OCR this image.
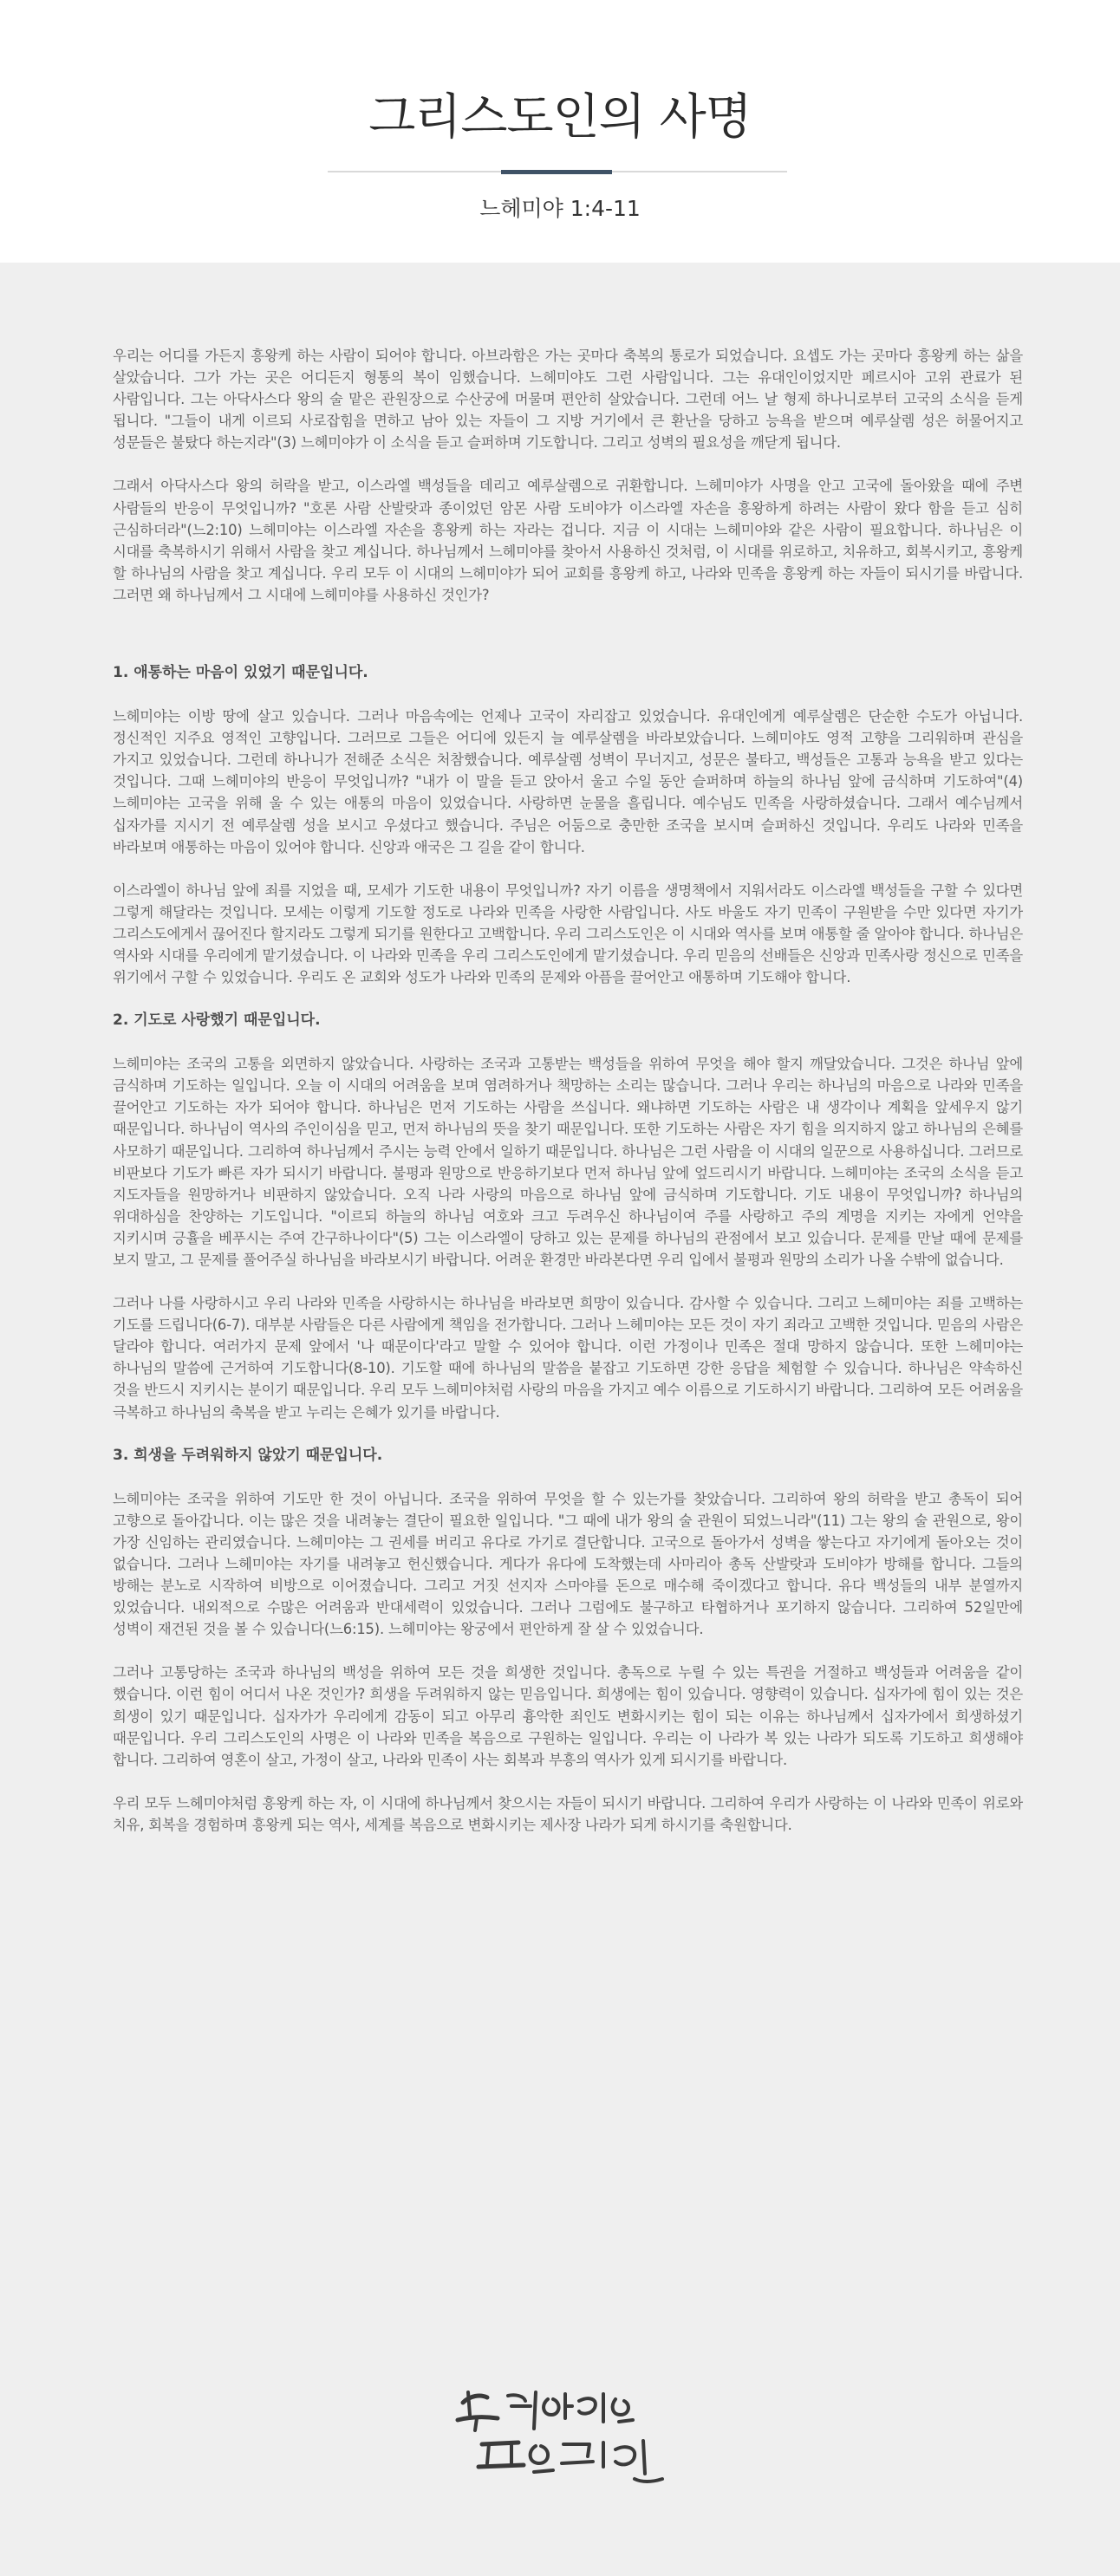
그리스도인의 사명
느헤미야 1:4-11

우리는 어디를 가든지 흥왕케 하는 사람이 되어야 합니다. 아브라함은 가는 곳마다 축복의 통로가 되었습니다. 요셉도 가는 곳마다 흥왕케 하는 삶을 살았습니다. 그가 가는 곳은 어디든지 형통의 복이 임했습니다. 느헤미야도 그런 사람입니다. 그는 유대인이었지만 페르시아 고위 관료가 된 사람입니다. 그는 아닥사스다 왕의 술 맡은 관원장으로 수산궁에 머물며 편안히 살았습니다. 그런데 어느 날 형제 하나니로부터 고국의 소식을 듣게 됩니다. "그들이 내게 이르되 사로잡힘을 면하고 남아 있는 자들이 그 지방 거기에서 큰 환난을 당하고 능욕을 받으며 예루살렘 성은 허물어지고 성문들은 불탔다 하는지라"(3) 느헤미야가 이 소식을 듣고 슬퍼하며 기도합니다. 그리고 성벽의 필요성을 깨닫게 됩니다.

그래서 아닥사스다 왕의 허락을 받고, 이스라엘 백성들을 데리고 예루살렘으로 귀환합니다. 느헤미야가 사명을 안고 고국에 돌아왔을 때에 주변 사람들의 반응이 무엇입니까? "호론 사람 산발랏과 종이었던 암몬 사람 도비야가 이스라엘 자손을 흥왕하게 하려는 사람이 왔다 함을 듣고 심히 근심하더라"(느2:10) 느헤미야는 이스라엘 자손을 흥왕케 하는 자라는 겁니다. 지금 이 시대는 느헤미야와 같은 사람이 필요합니다. 하나님은 이 시대를 축복하시기 위해서 사람을 찾고 계십니다. 하나님께서 느헤미야를 찾아서 사용하신 것처럼, 이 시대를 위로하고, 치유하고, 회복시키고, 흥왕케 할 하나님의 사람을 찾고 계십니다. 우리 모두 이 시대의 느헤미야가 되어 교회를 흥왕케 하고, 나라와 민족을 흥왕케 하는 자들이 되시기를 바랍니다. 그러면 왜 하나님께서 그 시대에 느헤미야를 사용하신 것인가?

1. 애통하는 마음이 있었기 때문입니다.

느헤미야는 이방 땅에 살고 있습니다. 그러나 마음속에는 언제나 고국이 자리잡고 있었습니다. 유대인에게 예루살렘은 단순한 수도가 아닙니다. 정신적인 지주요 영적인 고향입니다. 그러므로 그들은 어디에 있든지 늘 예루살렘을 바라보았습니다. 느헤미야도 영적 고향을 그리워하며 관심을 가지고 있었습니다. 그런데 하나니가 전해준 소식은 처참했습니다. 예루살렘 성벽이 무너지고, 성문은 불타고, 백성들은 고통과 능욕을 받고 있다는 것입니다. 그때 느헤미야의 반응이 무엇입니까? "내가 이 말을 듣고 앉아서 울고 수일 동안 슬퍼하며 하늘의 하나님 앞에 금식하며 기도하여"(4) 느헤미야는 고국을 위해 울 수 있는 애통의 마음이 있었습니다. 사랑하면 눈물을 흘립니다. 예수님도 민족을 사랑하셨습니다. 그래서 예수님께서 십자가를 지시기 전 예루살렘 성을 보시고 우셨다고 했습니다. 주님은 어둠으로 충만한 조국을 보시며 슬퍼하신 것입니다. 우리도 나라와 민족을 바라보며 애통하는 마음이 있어야 합니다. 신앙과 애국은 그 길을 같이 합니다.

이스라엘이 하나님 앞에 죄를 지었을 때, 모세가 기도한 내용이 무엇입니까? 자기 이름을 생명책에서 지워서라도 이스라엘 백성들을 구할 수 있다면 그렇게 해달라는 것입니다. 모세는 이렇게 기도할 정도로 나라와 민족을 사랑한 사람입니다. 사도 바울도 자기 민족이 구원받을 수만 있다면 자기가 그리스도에게서 끊어진다 할지라도 그렇게 되기를 원한다고 고백합니다. 우리 그리스도인은 이 시대와 역사를 보며 애통할 줄 알아야 합니다. 하나님은 역사와 시대를 우리에게 맡기셨습니다. 이 나라와 민족을 우리 그리스도인에게 맡기셨습니다. 우리 믿음의 선배들은 신앙과 민족사랑 정신으로 민족을 위기에서 구할 수 있었습니다. 우리도 온 교회와 성도가 나라와 민족의 문제와 아픔을 끌어안고 애통하며 기도해야 합니다.

2. 기도로 사랑했기 때문입니다.

느헤미야는 조국의 고통을 외면하지 않았습니다. 사랑하는 조국과 고통받는 백성들을 위하여 무엇을 해야 할지 깨달았습니다. 그것은 하나님 앞에 금식하며 기도하는 일입니다. 오늘 이 시대의 어려움을 보며 염려하거나 책망하는 소리는 많습니다. 그러나 우리는 하나님의 마음으로 나라와 민족을 끌어안고 기도하는 자가 되어야 합니다. 하나님은 먼저 기도하는 사람을 쓰십니다. 왜냐하면 기도하는 사람은 내 생각이나 계획을 앞세우지 않기 때문입니다. 하나님이 역사의 주인이심을 믿고, 먼저 하나님의 뜻을 찾기 때문입니다. 또한 기도하는 사람은 자기 힘을 의지하지 않고 하나님의 은혜를 사모하기 때문입니다. 그리하여 하나님께서 주시는 능력 안에서 일하기 때문입니다. 하나님은 그런 사람을 이 시대의 일꾼으로 사용하십니다. 그러므로 비판보다 기도가 빠른 자가 되시기 바랍니다. 불평과 원망으로 반응하기보다 먼저 하나님 앞에 엎드리시기 바랍니다. 느헤미야는 조국의 소식을 듣고 지도자들을 원망하거나 비판하지 않았습니다. 오직 나라 사랑의 마음으로 하나님 앞에 금식하며 기도합니다. 기도 내용이 무엇입니까? 하나님의 위대하심을 찬양하는 기도입니다. "이르되 하늘의 하나님 여호와 크고 두려우신 하나님이여 주를 사랑하고 주의 계명을 지키는 자에게 언약을 지키시며 긍휼을 베푸시는 주여 간구하나이다"(5) 그는 이스라엘이 당하고 있는 문제를 하나님의 관점에서 보고 있습니다. 문제를 만날 때에 문제를 보지 말고, 그 문제를 풀어주실 하나님을 바라보시기 바랍니다. 어려운 환경만 바라본다면 우리 입에서 불평과 원망의 소리가 나올 수밖에 없습니다.

그러나 나를 사랑하시고 우리 나라와 민족을 사랑하시는 하나님을 바라보면 희망이 있습니다. 감사할 수 있습니다. 그리고 느헤미야는 죄를 고백하는 기도를 드립니다(6-7). 대부분 사람들은 다른 사람에게 책임을 전가합니다. 그러나 느헤미야는 모든 것이 자기 죄라고 고백한 것입니다. 믿음의 사람은 달라야 합니다. 여러가지 문제 앞에서 '나 때문이다'라고 말할 수 있어야 합니다. 이런 가정이나 민족은 절대 망하지 않습니다. 또한 느헤미야는 하나님의 말씀에 근거하여 기도합니다(8-10). 기도할 때에 하나님의 말씀을 붙잡고 기도하면 강한 응답을 체험할 수 있습니다. 하나님은 약속하신 것을 반드시 지키시는 분이기 때문입니다. 우리 모두 느헤미야처럼 사랑의 마음을 가지고 예수 이름으로 기도하시기 바랍니다. 그리하여 모든 어려움을 극복하고 하나님의 축복을 받고 누리는 은혜가 있기를 바랍니다.

3. 희생을 두려워하지 않았기 때문입니다.

느헤미야는 조국을 위하여 기도만 한 것이 아닙니다. 조국을 위하여 무엇을 할 수 있는가를 찾았습니다. 그리하여 왕의 허락을 받고 총독이 되어 고향으로 돌아갑니다. 이는 많은 것을 내려놓는 결단이 필요한 일입니다. "그 때에 내가 왕의 술 관원이 되었느니라"(11) 그는 왕의 술 관원으로, 왕이 가장 신임하는 관리였습니다. 느헤미야는 그 권세를 버리고 유다로 가기로 결단합니다. 고국으로 돌아가서 성벽을 쌓는다고 자기에게 돌아오는 것이 없습니다. 그러나 느헤미야는 자기를 내려놓고 헌신했습니다. 게다가 유다에 도착했는데 사마리아 총독 산발랏과 도비야가 방해를 합니다. 그들의 방해는 분노로 시작하여 비방으로 이어졌습니다. 그리고 거짓 선지자 스마야를 돈으로 매수해 죽이겠다고 합니다. 유다 백성들의 내부 분열까지 있었습니다. 내외적으로 수많은 어려움과 반대세력이 있었습니다. 그러나 그럼에도 불구하고 타협하거나 포기하지 않습니다. 그리하여 52일만에 성벽이 재건된 것을 볼 수 있습니다(느6:15). 느헤미야는 왕궁에서 편안하게 잘 살 수 있었습니다.

그러나 고통당하는 조국과 하나님의 백성을 위하여 모든 것을 희생한 것입니다. 총독으로 누릴 수 있는 특권을 거절하고 백성들과 어려움을 같이 했습니다. 이런 힘이 어디서 나온 것인가? 희생을 두려워하지 않는 믿음입니다. 희생에는 힘이 있습니다. 영향력이 있습니다. 십자가에 힘이 있는 것은 희생이 있기 때문입니다. 십자가가 우리에게 감동이 되고 아무리 흉악한 죄인도 변화시키는 힘이 되는 이유는 하나님께서 십자가에서 희생하셨기 때문입니다. 우리 그리스도인의 사명은 이 나라와 민족을 복음으로 구원하는 일입니다. 우리는 이 나라가 복 있는 나라가 되도록 기도하고 희생해야 합니다. 그리하여 영혼이 살고, 가정이 살고, 나라와 민족이 사는 회복과 부흥의 역사가 있게 되시기를 바랍니다.

우리 모두 느헤미야처럼 흥왕케 하는 자, 이 시대에 하나님께서 찾으시는 자들이 되시기 바랍니다. 그리하여 우리가 사랑하는 이 나라와 민족이 위로와 치유, 회복을 경험하며 흥왕케 되는 역사, 세계를 복음으로 변화시키는 제사장 나라가 되게 하시기를 축원합니다.
